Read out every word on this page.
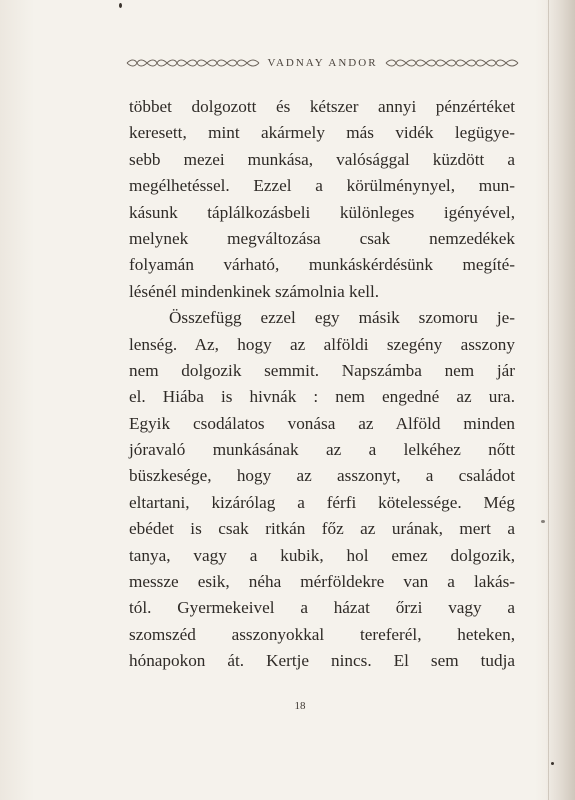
VADNAY ANDOR
többet dolgozott és kétszer annyi pénzértéket
keresett, mint akármely más vidék legügye-
sebb mezei munkása, valósággal küzdött a
megélhetéssel. Ezzel a körülménynyel, mun-
kásunk táplálkozásbeli különleges igényével,
melynek megváltozása csak nemzedékek
folyamán várható, munkáskérdésünk megíté-
lésénél mindenkinek számolnia kell.
Összefügg ezzel egy másik szomoru je-
lenség. Az, hogy az alföldi szegény asszony
nem dolgozik semmit. Napszámba nem jár
el. Hiába is hivnák : nem engedné az ura.
Egyik csodálatos vonása az Alföld minden
jóravaló munkásának az a lelkéhez nőtt
büszkesége, hogy az asszonyt, a családot
eltartani, kizárólag a férfi kötelessége. Még
ebédet is csak ritkán főz az urának, mert a
tanya, vagy a kubik, hol emez dolgozik,
messze esik, néha mérföldekre van a lakás-
tól. Gyermekeivel a házat őrzi vagy a
szomszéd asszonyokkal tereferél, heteken,
hónapokon át. Kertje nincs. El sem tudja
18
